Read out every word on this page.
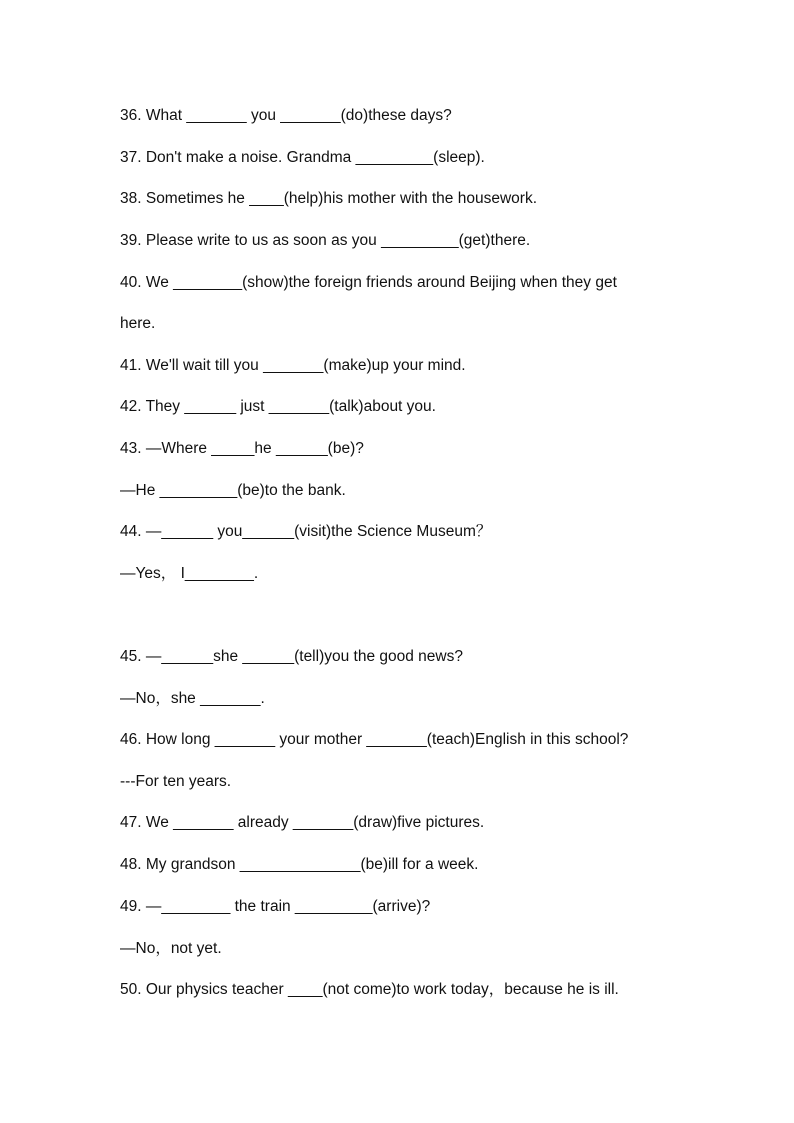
36. What _______ you _______(do)these days?
37. Don't make a noise. Grandma _________(sleep).
38. Sometimes he ____(help)his mother with the housework.
39. Please write to us as soon as you _________(get)there.
40. We ________(show)the foreign friends around Beijing when they get
here.
41. We'll wait till you _______(make)up your mind.
42. They ______ just _______(talk)about you.
43. —Where _____he ______(be)?
—He _________(be)to the bank.
44. —______ you______(visit)the Science Museum？
—Yes， I________.
45. —______she ______(tell)you the good news?
—No，she _______.
46. How long _______ your mother _______(teach)English in this school?
---For ten years.
47. We _______ already _______(draw)five pictures.
48. My grandson ______________(be)ill for a week.
49. —________ the train _________(arrive)?
—No，not yet.
50. Our physics teacher ____(not come)to work today，because he is ill.
